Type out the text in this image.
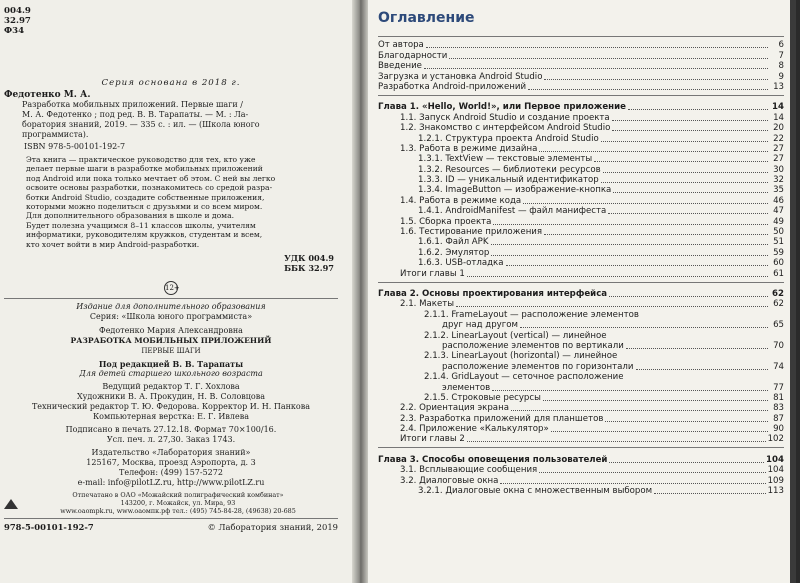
004.9
32.97
Ф34
Серия основана в 2018 г.
Федотенко М. А.
Разработка мобильных приложений. Первые шаги /
М. А. Федотенко ; под ред. В. В. Тарапаты. — М. : Ла-
боратория знаний, 2019. — 335 с. : ил. — (Школа юного
программиста).
ISBN 978-5-00101-192-7
Эта книга — практическое руководство для тех, кто уже
делает первые шаги в разработке мобильных приложений
под Android или пока только мечтает об этом. С ней вы легко
освоите основы разработки, познакомитесь со средой разра-
ботки Android Studio, создадите собственные приложения,
которыми можно поделиться с друзьями и со всем миром.
Для дополнительного образования в школе и дома.
Будет полезна учащимся 8–11 классов школы, учителям
информатики, руководителям кружков, студентам и всем,
кто хочет войти в мир Android-разработки.
УДК 004.9
ББК 32.97
12+
Издание для дополнительного образования
Серия: «Школа юного программиста»
Федотенко Мария Александровна
РАЗРАБОТКА МОБИЛЬНЫХ ПРИЛОЖЕНИЙ
ПЕРВЫЕ ШАГИ
Под редакцией В. В. Тарапаты
Для детей старшего школьного возраста
Ведущий редактор Т. Г. Хохлова
Художники В. А. Прокудин, Н. В. Соловцова
Технический редактор Т. Ю. Федорова. Корректор И. Н. Панкова
Компьютерная верстка: Е. Г. Ивлева
Подписано в печать 27.12.18. Формат 70×100/16.
Усл. печ. л. 27,30. Заказ 1743.
Издательство «Лаборатория знаний»
125167, Москва, проезд Аэропорта, д. 3
Телефон: (499) 157-5272
e-mail: info@pilotLZ.ru, http://www.pilotLZ.ru
Отпечатано в ОАО «Можайский полиграфический комбинат»
143200, г. Можайск, ул. Мира, 93
www.oaompk.ru, www.оаомпк.рф тел.: (495) 745-84-28, (49638) 20-685
978-5-00101-192-7	© Лаборатория знаний, 2019
Оглавление
От автора	6
Благодарности	7
Введение	8
Загрузка и установка Android Studio	9
Разработка Android-приложений	13
Глава 1. «Hello, World!», или Первое приложение	14
1.1. Запуск Android Studio и создание проекта	14
1.2. Знакомство с интерфейсом Android Studio	20
1.2.1. Структура проекта Android Studio	22
1.3. Работа в режиме дизайна	27
1.3.1. TextView — текстовые элементы	27
1.3.2. Resources — библиотеки ресурсов	30
1.3.3. ID — уникальный идентификатор	32
1.3.4. ImageButton — изображение-кнопка	35
1.4. Работа в режиме кода	46
1.4.1. AndroidManifest — файл манифеста	47
1.5. Сборка проекта	49
1.6. Тестирование приложения	50
1.6.1. Файл APK	51
1.6.2. Эмулятор	59
1.6.3. USB-отладка	60
Итоги главы 1	61
Глава 2. Основы проектирования интерфейса	62
2.1. Макеты	62
2.1.1. FrameLayout — расположение элементов
друг над другом	65
2.1.2. LinearLayout (vertical) — линейное
расположение элементов по вертикали	70
2.1.3. LinearLayout (horizontal) — линейное
расположение элементов по горизонтали	74
2.1.4. GridLayout — сеточное расположение
элементов	77
2.1.5. Строковые ресурсы	81
2.2. Ориентация экрана	83
2.3. Разработка приложений для планшетов	87
2.4. Приложение «Калькулятор»	90
Итоги главы 2	102
Глава 3. Способы оповещения пользователей	104
3.1. Всплывающие сообщения	104
3.2. Диалоговые окна	109
3.2.1. Диалоговые окна с множественным выбором	113
